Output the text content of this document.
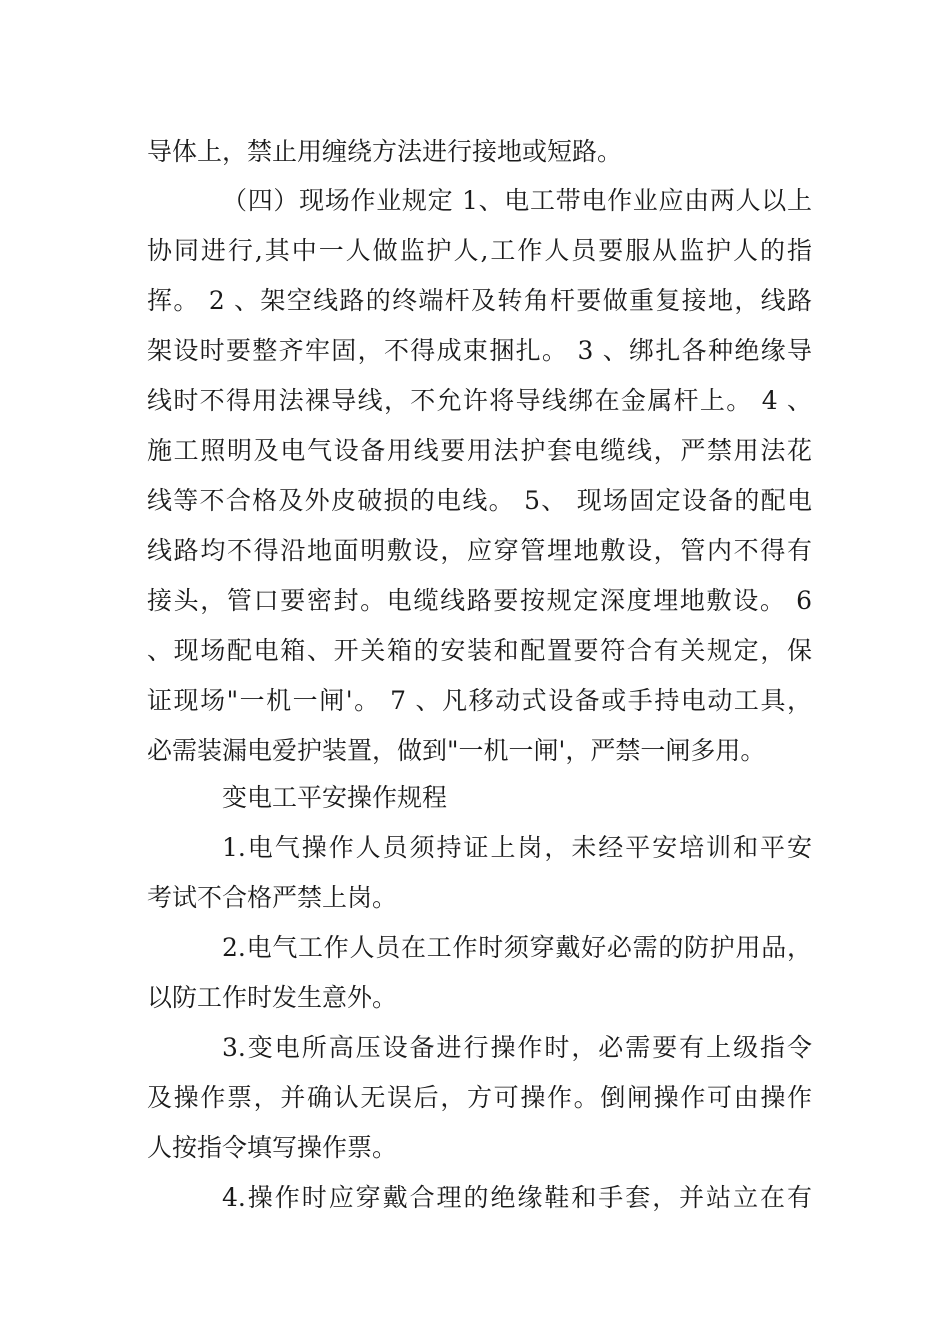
导体上，禁止用缠绕方法进行接地或短路。
（四）现场作业规定 1、电工带电作业应由两人以上
协同进行,其中一人做监护人,工作人员要服从监护人的指
挥。 2 、架空线路的终端杆及转角杆要做重复接地，线路
架设时要整齐牢固，不得成束捆扎。 3 、绑扎各种绝缘导
线时不得用法裸导线，不允许将导线绑在金属杆上。 4 、
施工照明及电气设备用线要用法护套电缆线，严禁用法花
线等不合格及外皮破损的电线。 5、 现场固定设备的配电
线路均不得沿地面明敷设，应穿管埋地敷设，管内不得有
接头，管口要密封。电缆线路要按规定深度埋地敷设。 6
、现场配电箱、开关箱的安装和配置要符合有关规定，保
证现场"一机一闸'。 7 、凡移动式设备或手持电动工具，
必需装漏电爱护装置，做到"一机一闸'，严禁一闸多用。
变电工平安操作规程
1.电气操作人员须持证上岗，未经平安培训和平安
考试不合格严禁上岗。
2.电气工作人员在工作时须穿戴好必需的防护用品，
以防工作时发生意外。
3.变电所高压设备进行操作时，必需要有上级指令
及操作票，并确认无误后，方可操作。倒闸操作可由操作
人按指令填写操作票。
4.操作时应穿戴合理的绝缘鞋和手套，并站立在有
